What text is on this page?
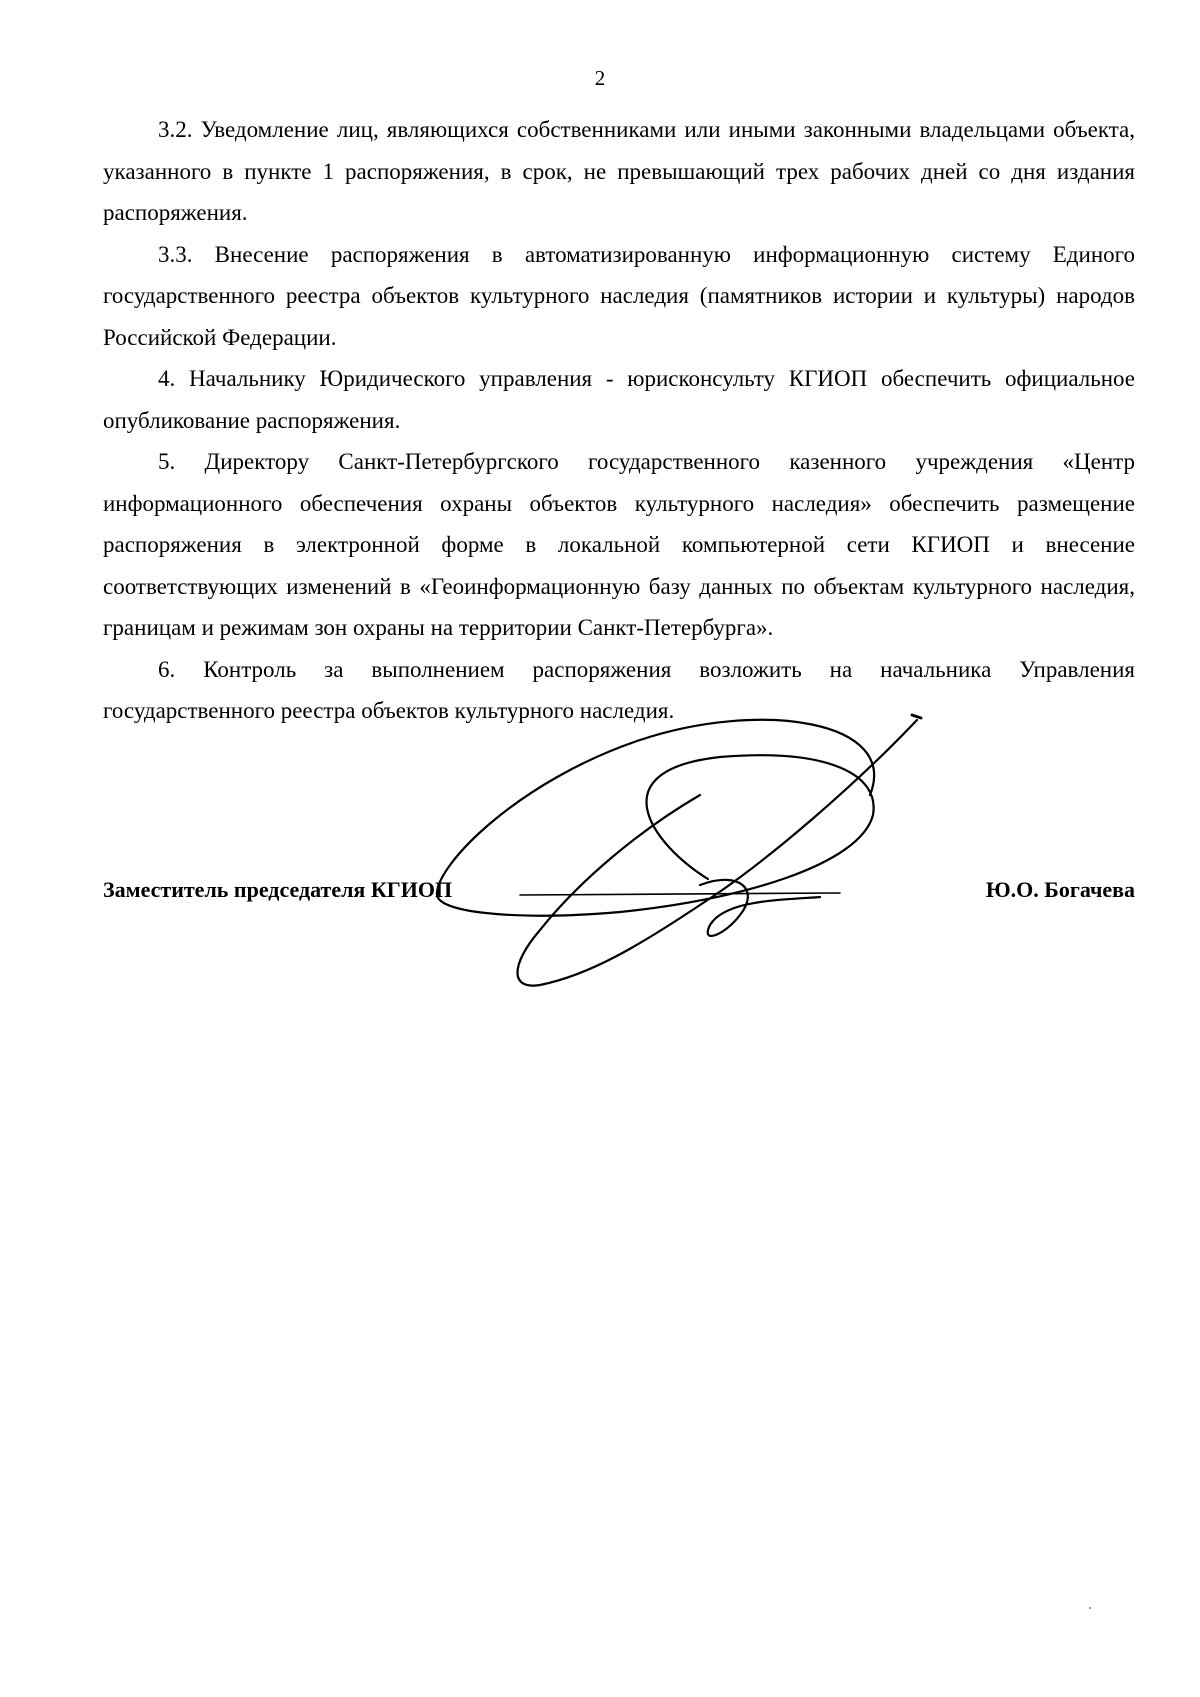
2

3.2. Уведомление лиц, являющихся собственниками или иными законными владельцами объекта, указанного в пункте 1 распоряжения, в срок, не превышающий трех рабочих дней со дня издания распоряжения.

3.3. Внесение распоряжения в автоматизированную информационную систему Единого государственного реестра объектов культурного наследия (памятников истории и культуры) народов Российской Федерации.

4. Начальнику Юридического управления - юрисконсульту КГИОП обеспечить официальное опубликование распоряжения.

5. Директору Санкт-Петербургского государственного казенного учреждения «Центр информационного обеспечения охраны объектов культурного наследия» обеспечить размещение распоряжения в электронной форме в локальной компьютерной сети КГИОП и внесение соответствующих изменений в «Геоинформационную базу данных по объектам культурного наследия, границам и режимам зон охраны на территории Санкт-Петербурга».

6. Контроль за выполнением распоряжения возложить на начальника Управления государственного реестра объектов культурного наследия.

Заместитель председателя КГИОП	Ю.О. Богачева
